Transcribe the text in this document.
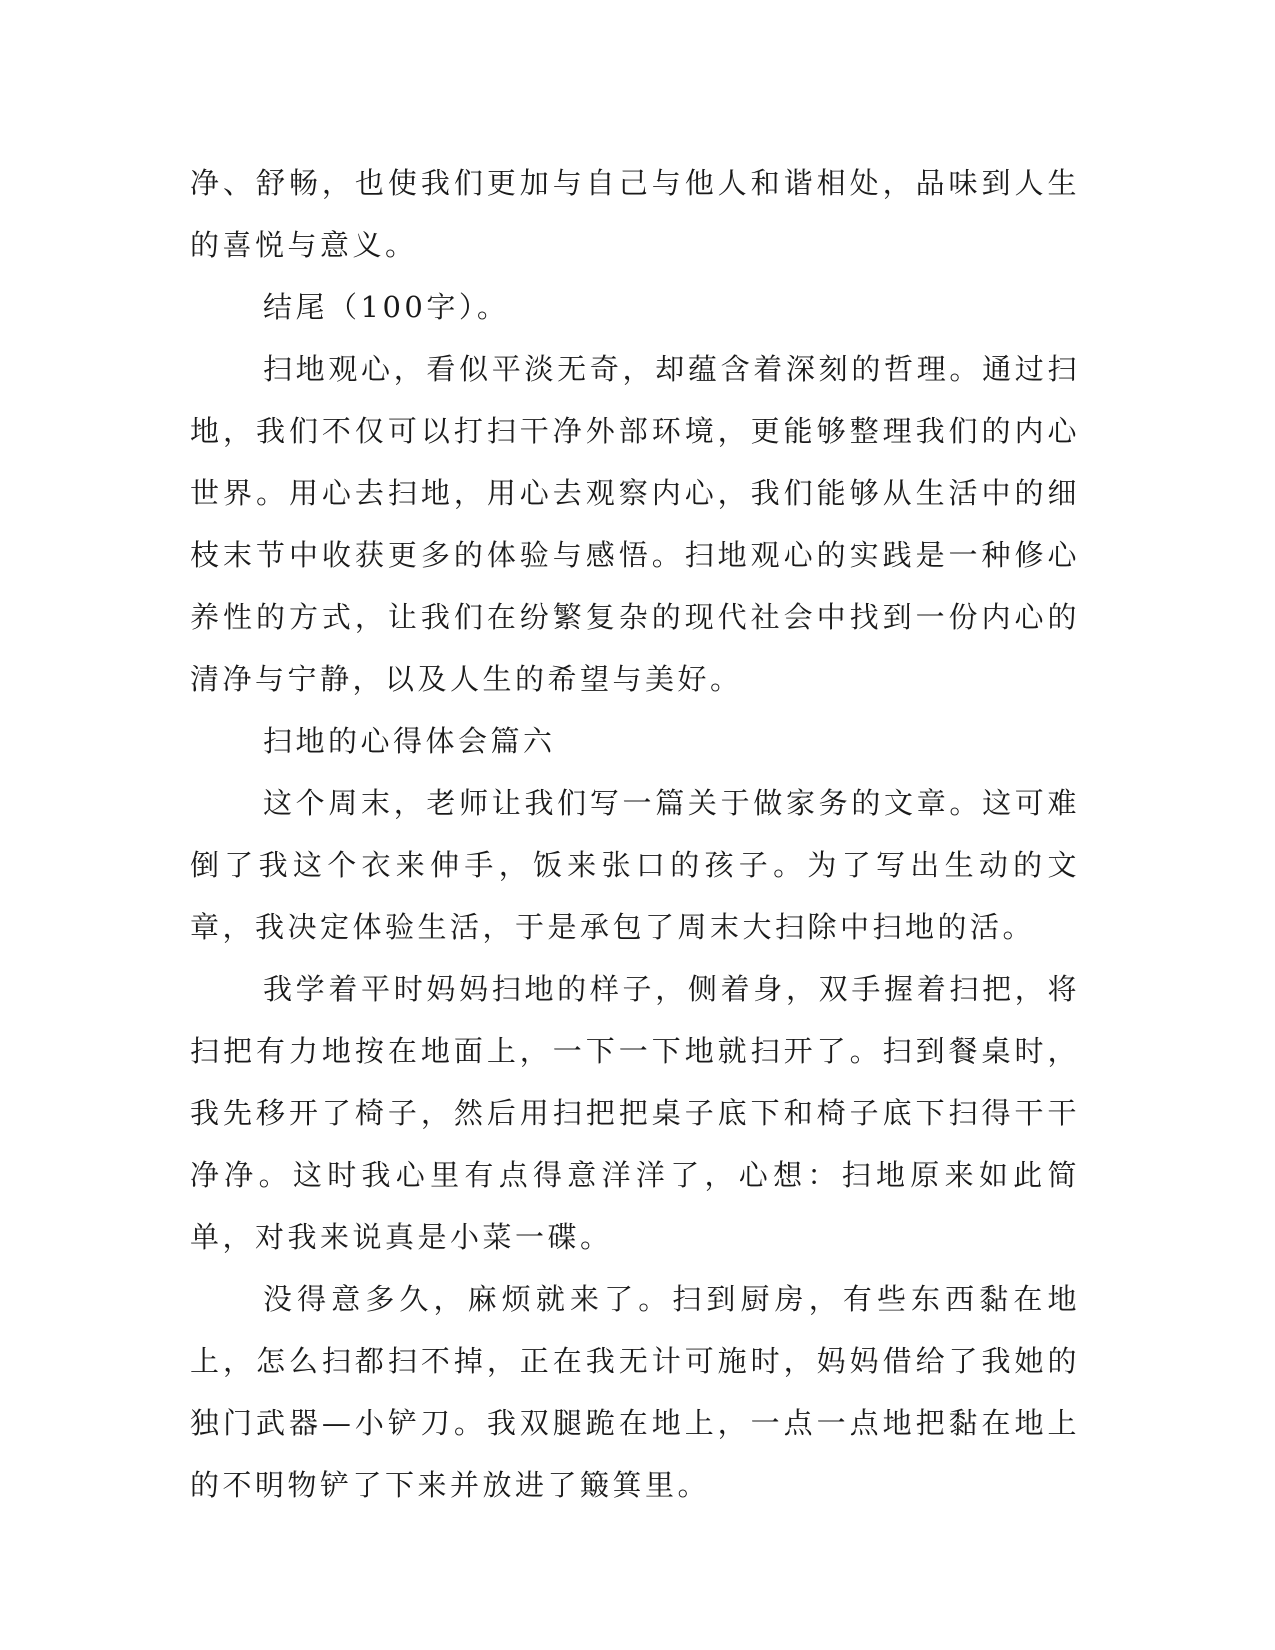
净、舒畅，也使我们更加与自己与他人和谐相处，品味到人生的喜悦与意义。

结尾（100字）。

扫地观心，看似平淡无奇，却蕴含着深刻的哲理。通过扫地，我们不仅可以打扫干净外部环境，更能够整理我们的内心世界。用心去扫地，用心去观察内心，我们能够从生活中的细枝末节中收获更多的体验与感悟。扫地观心的实践是一种修心养性的方式，让我们在纷繁复杂的现代社会中找到一份内心的清净与宁静，以及人生的希望与美好。

扫地的心得体会篇六

这个周末，老师让我们写一篇关于做家务的文章。这可难倒了我这个衣来伸手，饭来张口的孩子。为了写出生动的文章，我决定体验生活，于是承包了周末大扫除中扫地的活。

我学着平时妈妈扫地的样子，侧着身，双手握着扫把，将扫把有力地按在地面上，一下一下地就扫开了。扫到餐桌时，我先移开了椅子，然后用扫把把桌子底下和椅子底下扫得干干净净。这时我心里有点得意洋洋了，心想：扫地原来如此简单，对我来说真是小菜一碟。

没得意多久，麻烦就来了。扫到厨房，有些东西黏在地上，怎么扫都扫不掉，正在我无计可施时，妈妈借给了我她的独门武器—小铲刀。我双腿跪在地上，一点一点地把黏在地上的不明物铲了下来并放进了簸箕里。
